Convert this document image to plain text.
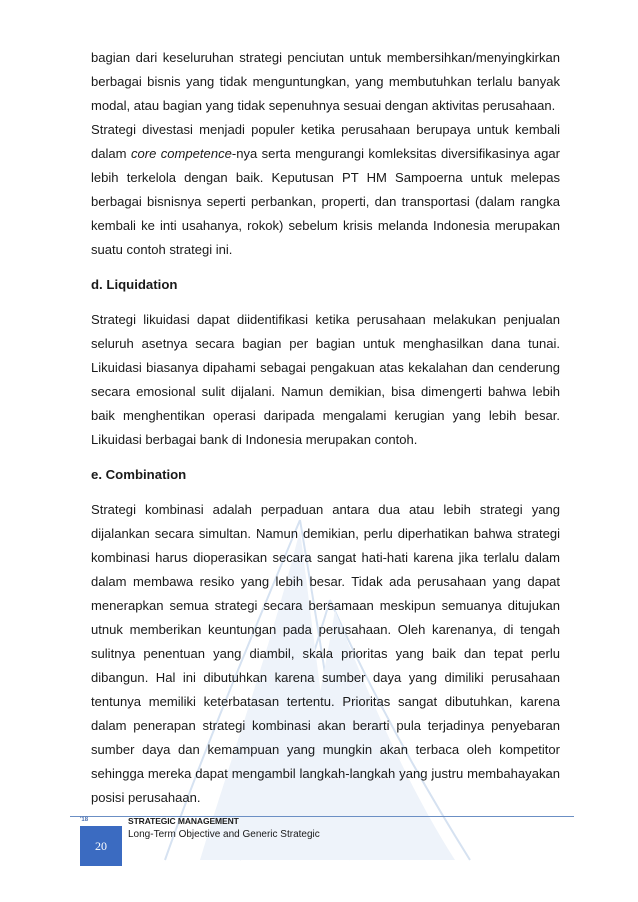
bagian dari keseluruhan strategi penciutan untuk membersihkan/menyingkirkan berbagai bisnis yang tidak menguntungkan, yang membutuhkan terlalu banyak modal, atau bagian yang tidak sepenuhnya sesuai dengan aktivitas perusahaan.

Strategi divestasi menjadi populer ketika perusahaan berupaya untuk kembali dalam core competence-nya serta mengurangi komleksitas diversifikasinya agar lebih terkelola dengan baik. Keputusan PT HM Sampoerna untuk melepas berbagai bisnisnya seperti perbankan, properti, dan transportasi (dalam rangka kembali ke inti usahanya, rokok) sebelum krisis melanda Indonesia merupakan suatu contoh strategi ini.

d. Liquidation

Strategi likuidasi dapat diidentifikasi ketika perusahaan melakukan penjualan seluruh asetnya secara bagian per bagian untuk menghasilkan dana tunai. Likuidasi biasanya dipahami sebagai pengakuan atas kekalahan dan cenderung secara emosional sulit dijalani. Namun demikian, bisa dimengerti bahwa lebih baik menghentikan operasi daripada mengalami kerugian yang lebih besar. Likuidasi berbagai bank di Indonesia merupakan contoh.

e. Combination

Strategi kombinasi adalah perpaduan antara dua atau lebih strategi yang dijalankan secara simultan. Namun demikian, perlu diperhatikan bahwa strategi kombinasi harus dioperasikan secara sangat hati-hati karena jika terlalu dalam dalam membawa resiko yang lebih besar. Tidak ada perusahaan yang dapat menerapkan semua strategi secara bersamaan meskipun semuanya ditujukan utnuk memberikan keuntungan pada perusahaan. Oleh karenanya, di tengah sulitnya penentuan yang diambil, skala prioritas yang baik dan tepat perlu dibangun. Hal ini dibutuhkan karena sumber daya yang dimiliki perusahaan tentunya memiliki keterbatasan tertentu. Prioritas sangat dibutuhkan, karena dalam penerapan strategi kombinasi akan berarti pula terjadinya penyebaran sumber daya dan kemampuan yang mungkin akan terbaca oleh kompetitor sehingga mereka dapat mengambil langkah-langkah yang justru membahayakan posisi perusahaan.

'18
20
STRATEGIC MANAGEMENT
Long-Term Objective and Generic Strategic
